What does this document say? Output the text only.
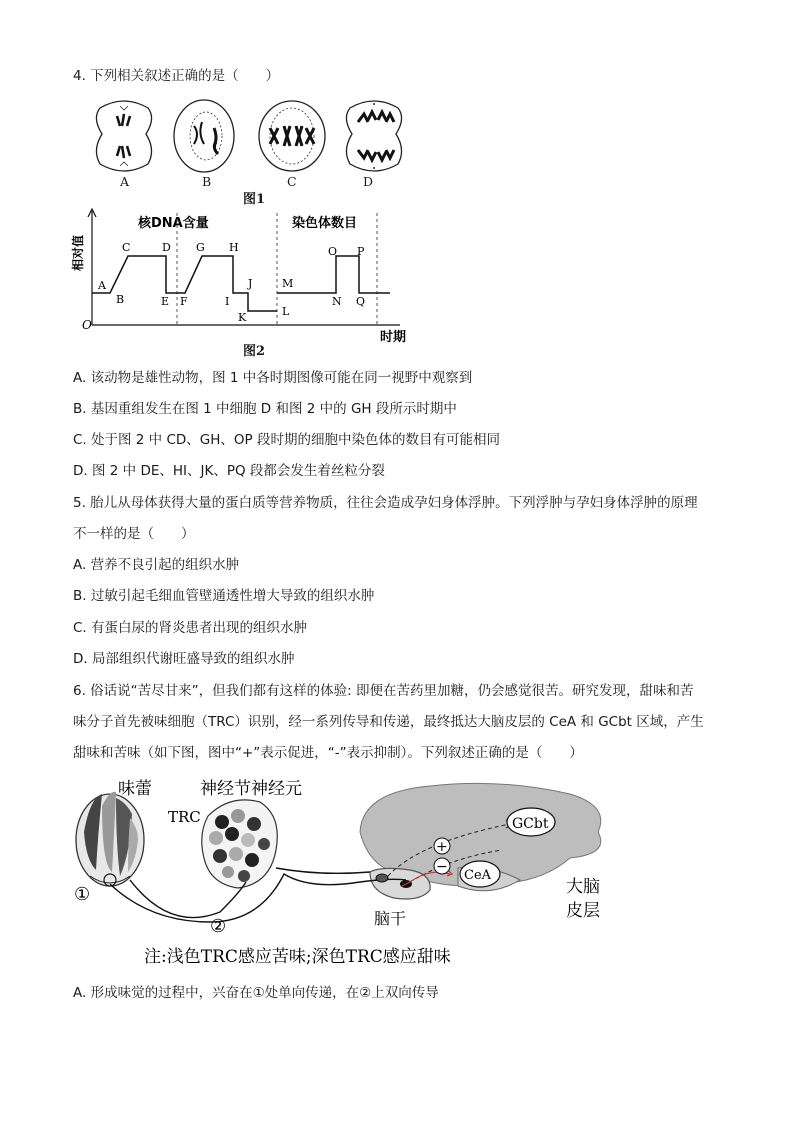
4. 下列相关叙述正确的是（　　）
A	B	C	D
图1
O
相对值
时期
核DNA含量	染色体数目
A
B
C	D
E F
G H
I
J
K	L
M
N
O P
Q
图2
A. 该动物是雄性动物，图 1 中各时期图像可能在同一视野中观察到
B. 基因重组发生在图 1 中细胞 D 和图 2 中的 GH 段所示时期中
C. 处于图 2 中 CD、GH、OP 段时期的细胞中染色体的数目有可能相同
D. 图 2 中 DE、HI、JK、PQ 段都会发生着丝粒分裂
5. 胎儿从母体获得大量的蛋白质等营养物质，往往会造成孕妇身体浮肿。下列浮肿与孕妇身体浮肿的原理
不一样的是（　　）
A. 营养不良引起的组织水肿
B. 过敏引起毛细血管壁通透性增大导致的组织水肿
C. 有蛋白尿的肾炎患者出现的组织水肿
D. 局部组织代谢旺盛导致的组织水肿
6. 俗话说“苦尽甘来”，但我们都有这样的体验: 即便在苦药里加糖，仍会感觉很苦。研究发现，甜味和苦
味分子首先被味细胞（TRC）识别，经一系列传导和传递，最终抵达大脑皮层的 CeA 和 GCbt 区域，产生
甜味和苦味（如下图，图中“+”表示促进，“-”表示抑制）。下列叙述正确的是（　　）
GCbt
CeA
+
−
①
②
味蕾	神经节神经元
TRC
脑干
大脑
皮层
注:浅色TRC感应苦味;深色TRC感应甜味
A. 形成味觉的过程中，兴奋在①处单向传递，在②上双向传导
